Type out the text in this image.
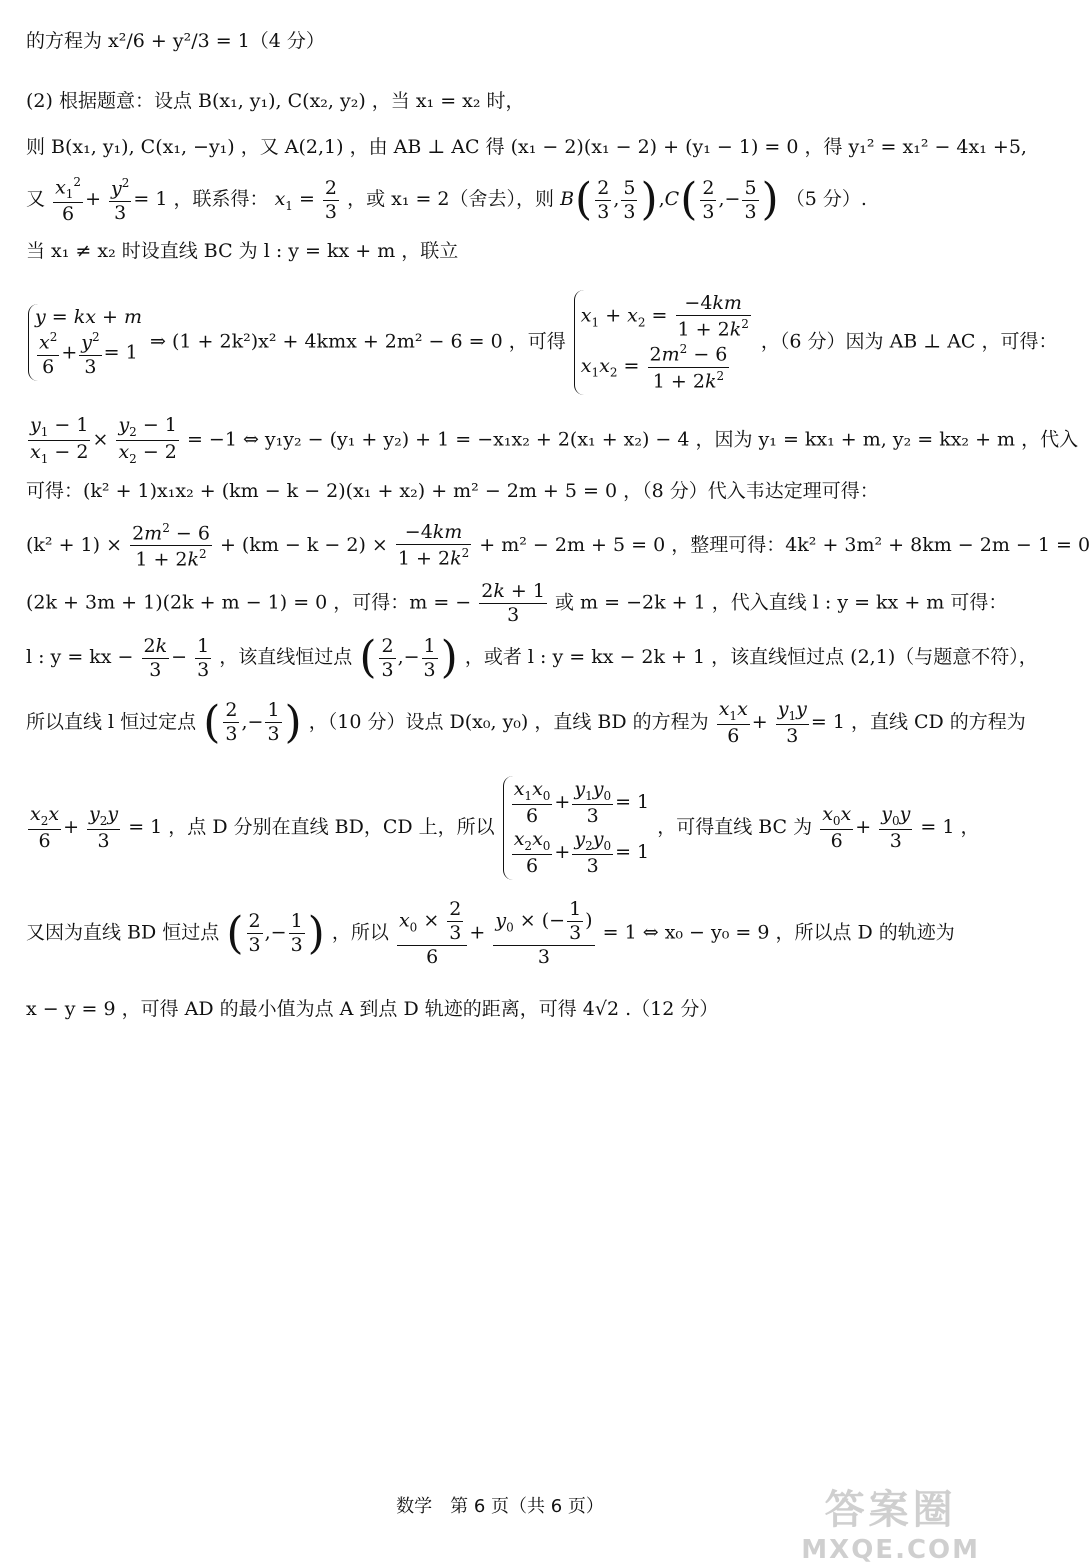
的方程为 x²/6 + y²/3 = 1（4 分）
(2) 根据题意：设点 B(x₁, y₁), C(x₂, y₂) ，当 x₁ = x₂ 时，
则 B(x₁, y₁), C(x₁, −y₁) ，又 A(2,1) ，由 AB ⊥ AC 得 (x₁ − 2)(x₁ − 2) + (y₁ − 1) = 0 ，得 y₁² = x₁² − 4x₁ +5,
又 $\frac{x_1^2}{6} + \frac{y^2}{3} = 1$ ，联系得： $x_1 = \frac{2}{3}$ ，或 x₁ = 2（舍去），则 $B( \frac{2}{3}$ , $\frac{5}{3} ),C( \frac{2}{3}$ ,− $\frac{5}{3}$ ) （5 分）.
当 x₁ ≠ x₂ 时设直线 BC 为 l : y = kx + m ，联立
y = kx + m
$\frac{x^2}{6} + \frac{y^2}{3} = 1$
⇒ (1 + 2k²)x² + 4kmx + 2m² − 6 = 0 ，可得
$x_1 + x_2 = \frac{-4km}{1 + 2k^2}$
$x_1x_2 = \frac{2m^2 - 6}{1 + 2k^2}$
，（6 分）因为 AB ⊥ AC ，可得：
$\frac{y_1 - 1}{x_1 - 2} \times \frac{y_2 - 1}{x_2 - 2} = -1$ ⇔ y₁y₂ − (y₁ + y₂) + 1 = −x₁x₂ + 2(x₁ + x₂) − 4 ，因为 y₁ = kx₁ + m, y₂ = kx₂ + m ，代入
可得：(k² + 1)x₁x₂ + (km − k − 2)(x₁ + x₂) + m² − 2m + 5 = 0 ，（8 分）代入韦达定理可得：
$(k^2 + 1) \times \frac{2m^2 - 6}{1 + 2k^2} + (km - k - 2) \times \frac{-4km}{1 + 2k^2} + m^2 - 2m + 5 = 0$ ，整理可得：4k² + 3m² + 8km − 2m − 1 = 0
(2k + 3m + 1)(2k + m − 1) = 0 ，可得：m = − $\frac{2k + 1}{3}$ 或 m = −2k + 1 ，代入直线 l : y = kx + m 可得：
l : y = kx − $\frac{2k}{3} - \frac{1}{3}$ ，该直线恒过点 ( $\frac{2}{3}$ ,− $\frac{1}{3}$ ) ，或者 l : y = kx − 2k + 1 ，该直线恒过点 (2,1)（与题意不符），
所以直线 l 恒过定点 ( $\frac{2}{3}$ ,− $\frac{1}{3}$ ) ，（10 分）设点 D(x₀, y₀) ，直线 BD 的方程为 $\frac{x_1x}{6} + \frac{y_1y}{3} = 1$ ，直线 CD 的方程为
$\frac{x_2x}{6} + \frac{y_2y}{3} = 1$ ，点 D 分别在直线 BD，CD 上，所以
$\frac{x_1x_0}{6} + \frac{y_1y_0}{3} = 1$
$\frac{x_2x_0}{6} + \frac{y_2y_0}{3} = 1$
，可得直线 BC 为 $\frac{x_0x}{6} + \frac{y_0y}{3} = 1$ ，
又因为直线 BD 恒过点 ( $\frac{2}{3}$ ,− $\frac{1}{3}$ ) ，所以 $\frac{x_0 \times \frac{2}{3}}{6} + \frac{y_0 \times (- \frac{1}{3} )}{3} = 1$ ⇔ x₀ − y₀ = 9 ，所以点 D 的轨迹为
x − y = 9 ，可得 AD 的最小值为点 A 到点 D 轨迹的距离，可得 4√2 .（12 分）
数学　第 6 页（共 6 页）	答案圈
MXQE.COM
